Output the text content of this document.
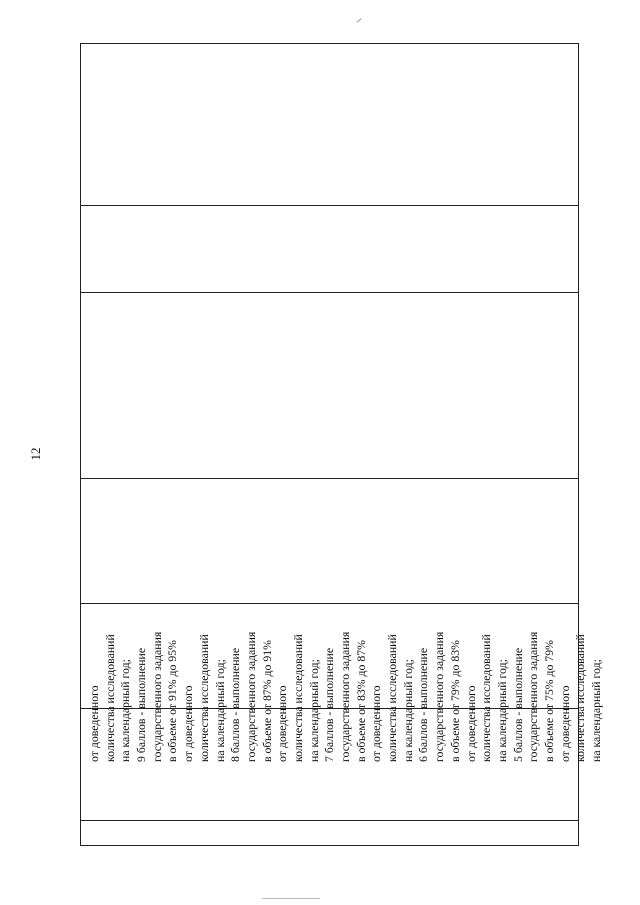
12
от доведенного количества исследований на календарный год; 9 баллов - выполнение государственного задания в объеме от 91% до 95% от доведенного количества исследований на календарный год; 8 баллов - выполнение государственного задания в объеме от 87% до 91% от доведенного количества исследований на календарный год; 7 баллов - выполнение государственного задания в объеме от 83% до 87% от доведенного количества исследований на календарный год; 6 баллов - выполнение государственного задания в объеме от 79% до 83% от доведенного количества исследований на календарный год; 5 баллов - выполнение государственного задания в объеме от 75% до 79% от доведенного количества исследований на календарный год;
